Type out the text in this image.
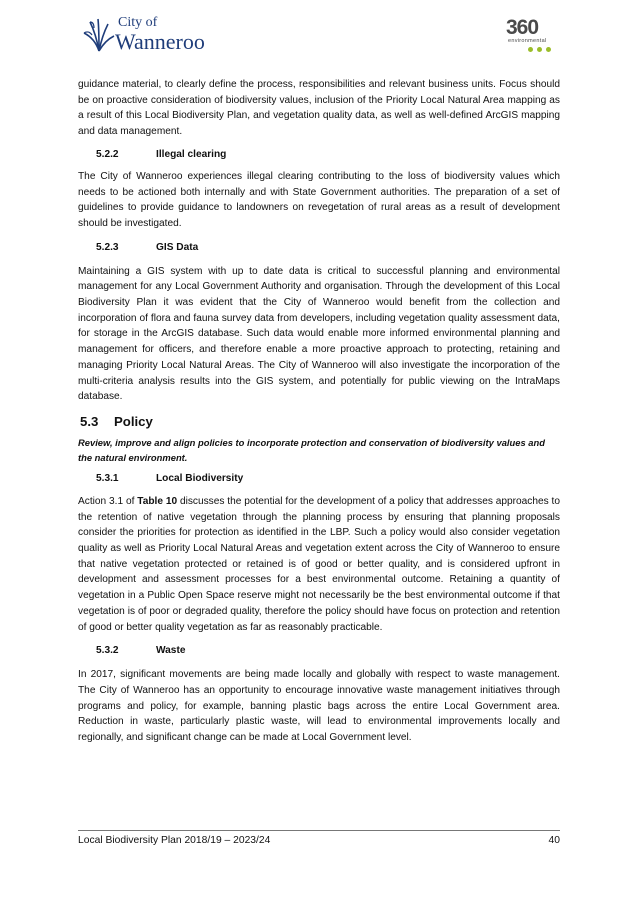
City of
Wanneroo
360
environmental

guidance material, to clearly define the process, responsibilities and relevant business units. Focus should be on proactive consideration of biodiversity values, inclusion of the Priority Local Natural Area mapping as a result of this Local Biodiversity Plan, and vegetation quality data, as well as well-defined ArcGIS mapping and data management.

5.2.2	Illegal clearing

The City of Wanneroo experiences illegal clearing contributing to the loss of biodiversity values which needs to be actioned both internally and with State Government authorities. The preparation of a set of guidelines to provide guidance to landowners on revegetation of rural areas as a result of development should be investigated.

5.2.3	GIS Data

Maintaining a GIS system with up to date data is critical to successful planning and environmental management for any Local Government Authority and organisation. Through the development of this Local Biodiversity Plan it was evident that the City of Wanneroo would benefit from the collection and incorporation of flora and fauna survey data from developers, including vegetation quality assessment data, for storage in the ArcGIS database. Such data would enable more informed environmental planning and management for officers, and therefore enable a more proactive approach to protecting, retaining and managing Priority Local Natural Areas. The City of Wanneroo will also investigate the incorporation of the multi-criteria analysis results into the GIS system, and potentially for public viewing on the IntraMaps database.

5.3 Policy

Review, improve and align policies to incorporate protection and conservation of biodiversity values and the natural environment.

5.3.1	Local Biodiversity

Action 3.1 of Table 10 discusses the potential for the development of a policy that addresses approaches to the retention of native vegetation through the planning process by ensuring that planning proposals consider the priorities for protection as identified in the LBP. Such a policy would also consider vegetation quality as well as Priority Local Natural Areas and vegetation extent across the City of Wanneroo to ensure that native vegetation protected or retained is of good or better quality, and is considered upfront in development and assessment processes for a best environmental outcome. Retaining a quantity of vegetation in a Public Open Space reserve might not necessarily be the best environmental outcome if that vegetation is of poor or degraded quality, therefore the policy should have focus on protection and retention of good or better quality vegetation as far as reasonably practicable.

5.3.2	Waste

In 2017, significant movements are being made locally and globally with respect to waste management. The City of Wanneroo has an opportunity to encourage innovative waste management initiatives through programs and policy, for example, banning plastic bags across the entire Local Government area. Reduction in waste, particularly plastic waste, will lead to environmental improvements locally and regionally, and significant change can be made at Local Government level.

Local Biodiversity Plan 2018/19 – 2023/24	40
